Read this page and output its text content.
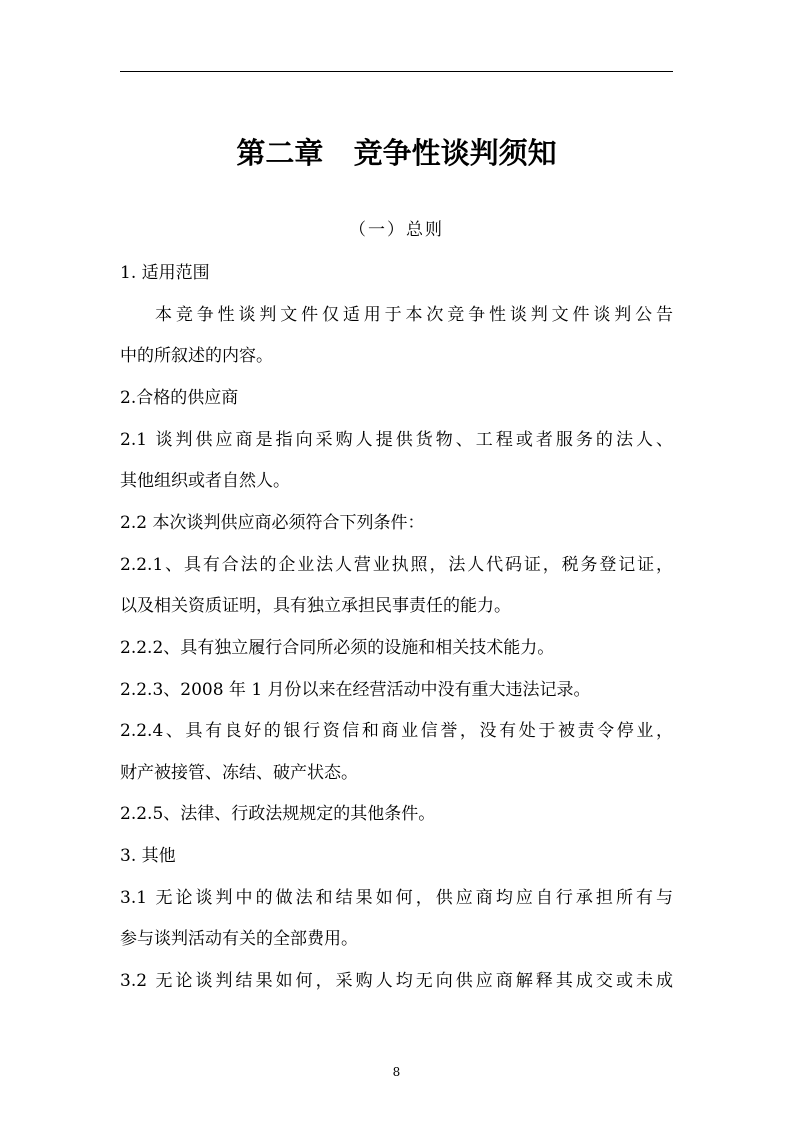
第二章   竞争性谈判须知
（一）总则
1. 适用范围
本竞争性谈判文件仅适用于本次竞争性谈判文件谈判公告
中的所叙述的内容。
2.合格的供应商
2.1 谈判供应商是指向采购人提供货物、工程或者服务的法人、
其他组织或者自然人。
2.2 本次谈判供应商必须符合下列条件：
2.2.1、具有合法的企业法人营业执照，法人代码证，税务登记证，
以及相关资质证明，具有独立承担民事责任的能力。
2.2.2、具有独立履行合同所必须的设施和相关技术能力。
2.2.3、2008 年 1 月份以来在经营活动中没有重大违法记录。
2.2.4、具有良好的银行资信和商业信誉，没有处于被责令停业，
财产被接管、冻结、破产状态。
2.2.5、法律、行政法规规定的其他条件。
3. 其他
3.1 无论谈判中的做法和结果如何，供应商均应自行承担所有与
参与谈判活动有关的全部费用。
3.2 无论谈判结果如何，采购人均无向供应商解释其成交或未成
8
